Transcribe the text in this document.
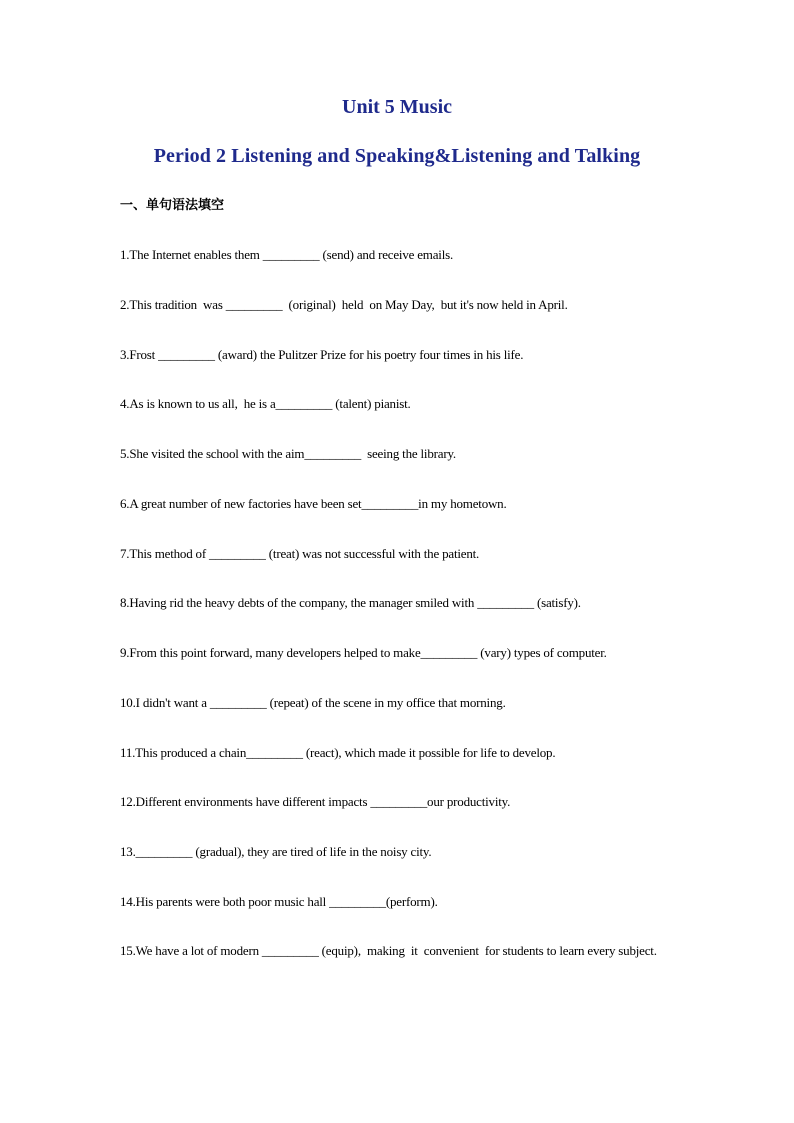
Unit 5 Music
Period 2 Listening and Speaking&Listening and Talking
一、单句语法填空
1.The Internet enables them _________ (send) and receive emails.
2.This tradition  was _________  (original)  held  on May Day,  but it's now held in April.
3.Frost _________ (award) the Pulitzer Prize for his poetry four times in his life.
4.As is known to us all,  he is a_________ (talent) pianist.
5.She visited the school with the aim_________  seeing the library.
6.A great number of new factories have been set_________in my hometown.
7.This method of _________ (treat) was not successful with the patient.
8.Having rid the heavy debts of the company, the manager smiled with _________ (satisfy).
9.From this point forward, many developers helped to make_________ (vary) types of computer.
10.I didn't want a _________ (repeat) of the scene in my office that morning.
11.This produced a chain_________ (react), which made it possible for life to develop.
12.Different environments have different impacts _________our productivity.
13._________ (gradual), they are tired of life in the noisy city.
14.His parents were both poor music hall _________(perform).
15.We have a lot of modern _________ (equip),  making  it  convenient  for students to learn every subject.
